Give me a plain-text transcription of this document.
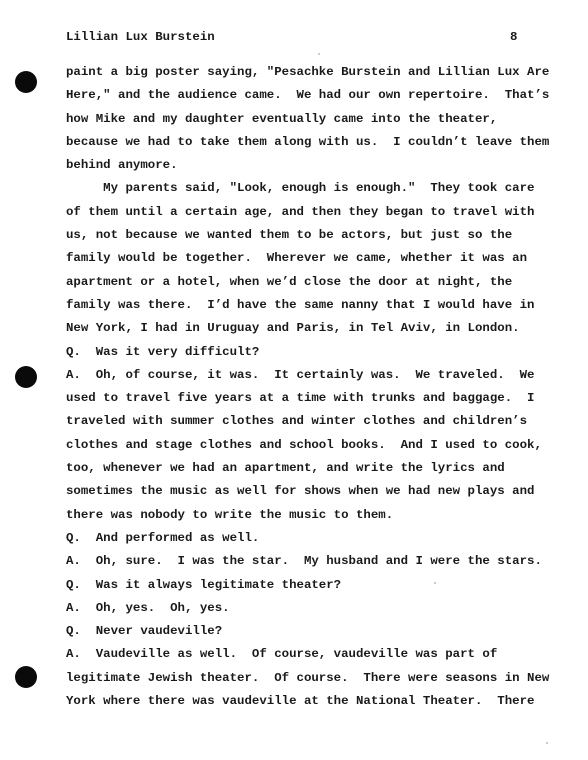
Lillian Lux Burstein	8
paint a big poster saying, "Pesachke Burstein and Lillian Lux Are
Here," and the audience came.  We had our own repertoire.  That’s
how Mike and my daughter eventually came into the theater,
because we had to take them along with us.  I couldn’t leave them
behind anymore.
My parents said, "Look, enough is enough."  They took care
of them until a certain age, and then they began to travel with
us, not because we wanted them to be actors, but just so the
family would be together.  Wherever we came, whether it was an
apartment or a hotel, when we’d close the door at night, the
family was there.  I’d have the same nanny that I would have in
New York, I had in Uruguay and Paris, in Tel Aviv, in London.
Q.  Was it very difficult?
A.  Oh, of course, it was.  It certainly was.  We traveled.  We
used to travel five years at a time with trunks and baggage.  I
traveled with summer clothes and winter clothes and children’s
clothes and stage clothes and school books.  And I used to cook,
too, whenever we had an apartment, and write the lyrics and
sometimes the music as well for shows when we had new plays and
there was nobody to write the music to them.
Q.  And performed as well.
A.  Oh, sure.  I was the star.  My husband and I were the stars.
Q.  Was it always legitimate theater?
A.  Oh, yes.  Oh, yes.
Q.  Never vaudeville?
A.  Vaudeville as well.  Of course, vaudeville was part of
legitimate Jewish theater.  Of course.  There were seasons in New
York where there was vaudeville at the National Theater.  There
